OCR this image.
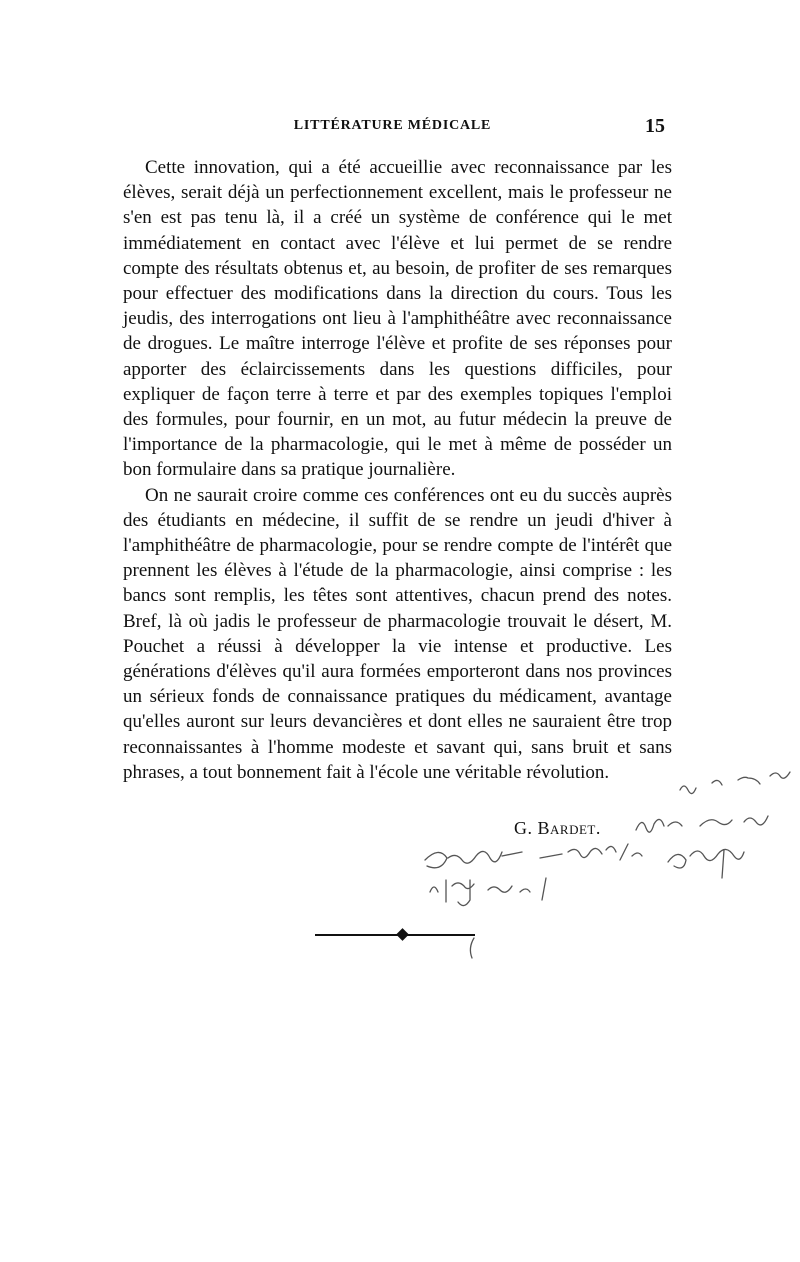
LITTÉRATURE MÉDICALE	15

Cette innovation, qui a été accueillie avec reconnaissance par les élèves, serait déjà un perfectionnement excellent, mais le professeur ne s'en est pas tenu là, il a créé un système de conférence qui le met immédiatement en contact avec l'élève et lui permet de se rendre compte des résultats obtenus et, au besoin, de profiter de ses remarques pour effectuer des modifications dans la direction du cours. Tous les jeudis, des interrogations ont lieu à l'amphithéâtre avec reconnaissance de drogues. Le maître interroge l'élève et profite de ses réponses pour apporter des éclaircissements dans les questions difficiles, pour expliquer de façon terre à terre et par des exemples topiques l'emploi des formules, pour fournir, en un mot, au futur médecin la preuve de l'importance de la pharmacologie, qui le met à même de posséder un bon formulaire dans sa pratique journalière.

On ne saurait croire comme ces conférences ont eu du succès auprès des étudiants en médecine, il suffit de se rendre un jeudi d'hiver à l'amphithéâtre de pharmacologie, pour se rendre compte de l'intérêt que prennent les élèves à l'étude de la pharmacologie, ainsi comprise : les bancs sont remplis, les têtes sont attentives, chacun prend des notes. Bref, là où jadis le professeur de pharmacologie trouvait le désert, M. Pouchet a réussi à développer la vie intense et productive. Les générations d'élèves qu'il aura formées emporteront dans nos provinces un sérieux fonds de connaissance pratiques du médicament, avantage qu'elles auront sur leurs devancières et dont elles ne sauraient être trop reconnaissantes à l'homme modeste et savant qui, sans bruit et sans phrases, a tout bonnement fait à l'école une véritable révolution.

G. Bardet.
